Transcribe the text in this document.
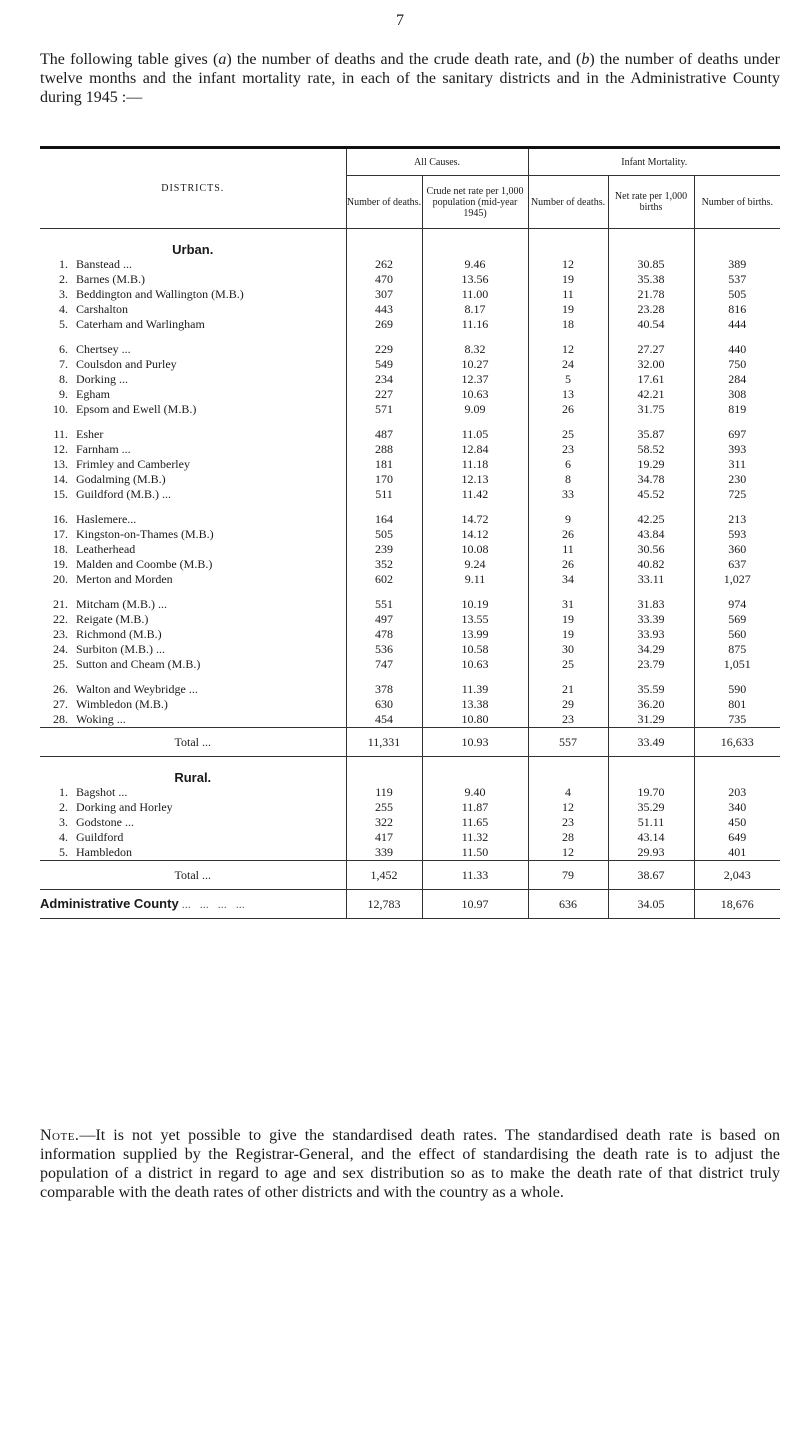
7
The following table gives (a) the number of deaths and the crude death rate, and (b) the number of deaths under twelve months and the infant mortality rate, in each of the sanitary districts and in the Administrative County during 1945 :—
DISTRICTS.	All Causes.		Infant Mortality.		
	Number of deaths.	Crude net rate per 1,000 population (mid-year 1945)	Number of deaths.	Net rate per 1,000 births	Number of births.

Urban.					

1. Banstead ...	262	9.46	12	30.85	389
2. Barnes (M.B.)	470	13.56	19	35.38	537
3. Beddington and Wallington (M.B.)	307	11.00	11	21.78	505
4. Carshalton	443	8.17	19	23.28	816
5. Caterham and Warlingham	269	11.16	18	40.54	444

6. Chertsey ...	229	8.32	12	27.27	440
7. Coulsdon and Purley	549	10.27	24	32.00	750
8. Dorking ...	234	12.37	5	17.61	284
9. Egham	227	10.63	13	42.21	308
10. Epsom and Ewell (M.B.)	571	9.09	26	31.75	819

11. Esher	487	11.05	25	35.87	697
12. Farnham ...	288	12.84	23	58.52	393
13. Frimley and Camberley	181	11.18	6	19.29	311
14. Godalming (M.B.)	170	12.13	8	34.78	230
15. Guildford (M.B.) ...	511	11.42	33	45.52	725

16. Haslemere...	164	14.72	9	42.25	213
17. Kingston-on-Thames (M.B.)	505	14.12	26	43.84	593
18. Leatherhead	239	10.08	11	30.56	360
19. Malden and Coombe (M.B.)	352	9.24	26	40.82	637
20. Merton and Morden	602	9.11	34	33.11	1,027

21. Mitcham (M.B.) ...	551	10.19	31	31.83	974
22. Reigate (M.B.)	497	13.55	19	33.39	569
23. Richmond (M.B.)	478	13.99	19	33.93	560
24. Surbiton (M.B.) ...	536	10.58	30	34.29	875
25. Sutton and Cheam (M.B.)	747	10.63	25	23.79	1,051

26. Walton and Weybridge ...	378	11.39	21	35.59	590
27. Wimbledon (M.B.)	630	13.38	29	36.20	801
28. Woking ...	454	10.80	23	31.29	735

Total ...	11,331	10.93	557	33.49	16,633

Rural.					

1. Bagshot ...	119	9.40	4	19.70	203
2. Dorking and Horley	255	11.87	12	35.29	340
3. Godstone ...	322	11.65	23	51.11	450
4. Guildford	417	11.32	28	43.14	649
5. Hambledon	339	11.50	12	29.93	401

Total ...	1,452	11.33	79	38.67	2,043
Administrative County ...   ...   ...   ...	12,783	10.97	636	34.05	18,676
Note.—It is not yet possible to give the standardised death rates. The standardised death rate is based on information supplied by the Registrar-General, and the effect of standardising the death rate is to adjust the population of a district in regard to age and sex distribution so as to make the death rate of that district truly comparable with the death rates of other districts and with the country as a whole.
